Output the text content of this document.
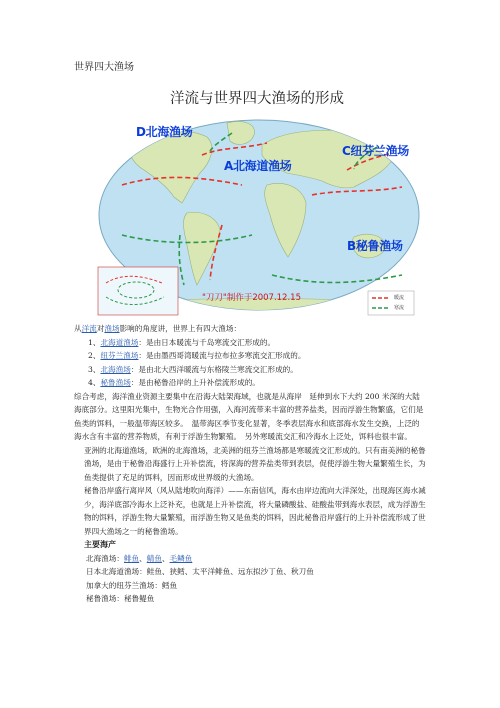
世界四大渔场
洋流与世界四大渔场的形成
D北海渔场
C纽芬兰渔场
A北海道渔场
B秘鲁渔场
"刀刀"制作于2007.12.15	暖流
寒流

从洋流对渔场影响的角度讲，世界上有四大渔场：

1、北海道渔场：是由日本暖流与千岛寒流交汇形成的。

2、纽芬兰渔场：是由墨西哥湾暖流与拉布拉多寒流交汇形成的。

3、北海渔场：是由北大西洋暖流与东格陵兰寒流交汇形成的。

4、秘鲁渔场：是由秘鲁沿岸的上升补偿流形成的。

综合考虑，海洋渔业资源主要集中在沿海大陆架海域，也就是从海岸　延伸到水下大约 200 米深的大陆海底部分。这里阳光集中，生物光合作用强，入海河流带来丰富的营养盐类，因而浮游生物繁盛，它们是鱼类的饵料，一般温带海区较多。　温带海区季节变化显著，冬季表层海水和底部海水发生交换，上泛的海水含有丰富的营养物质，有利于浮游生物繁殖。　另外寒暖流交汇和冷海水上泛处，饵料也很丰富。

亚洲的北海道渔场，欧洲的北海渔场，北美洲的纽芬兰渔场都是寒暖流交汇形成的。只有南美洲的秘鲁渔场，是由于秘鲁沿海盛行上升补偿流，将深海的营养盐类带到表层，促使浮游生物大量繁殖生长，为鱼类提供了充足的饵料，因而形成世界级的大渔场。

秘鲁沿岸盛行离岸风（风从陆地吹向海洋）——东南信风，海水由岸边流向大洋深处，出现海区海水减少，海洋底部冷海水上泛补充，也就是上升补偿流，将大量磷酸盐、硅酸盐带到海水表层，成为浮游生物的饵料，浮游生物大量繁殖，而浮游生物又是鱼类的饵料，因此秘鲁沿岸盛行的上升补偿流形成了世界四大渔场之一的秘鲁渔场。

主要海产

北海渔场：鲱鱼、鲭鱼、毛鳞鱼

日本北海道渔场：鲑鱼、狭鳕、太平洋鲱鱼、远东拟沙丁鱼、秋刀鱼

加拿大的纽芬兰渔场：鳕鱼

秘鲁渔场：秘鲁鳀鱼
